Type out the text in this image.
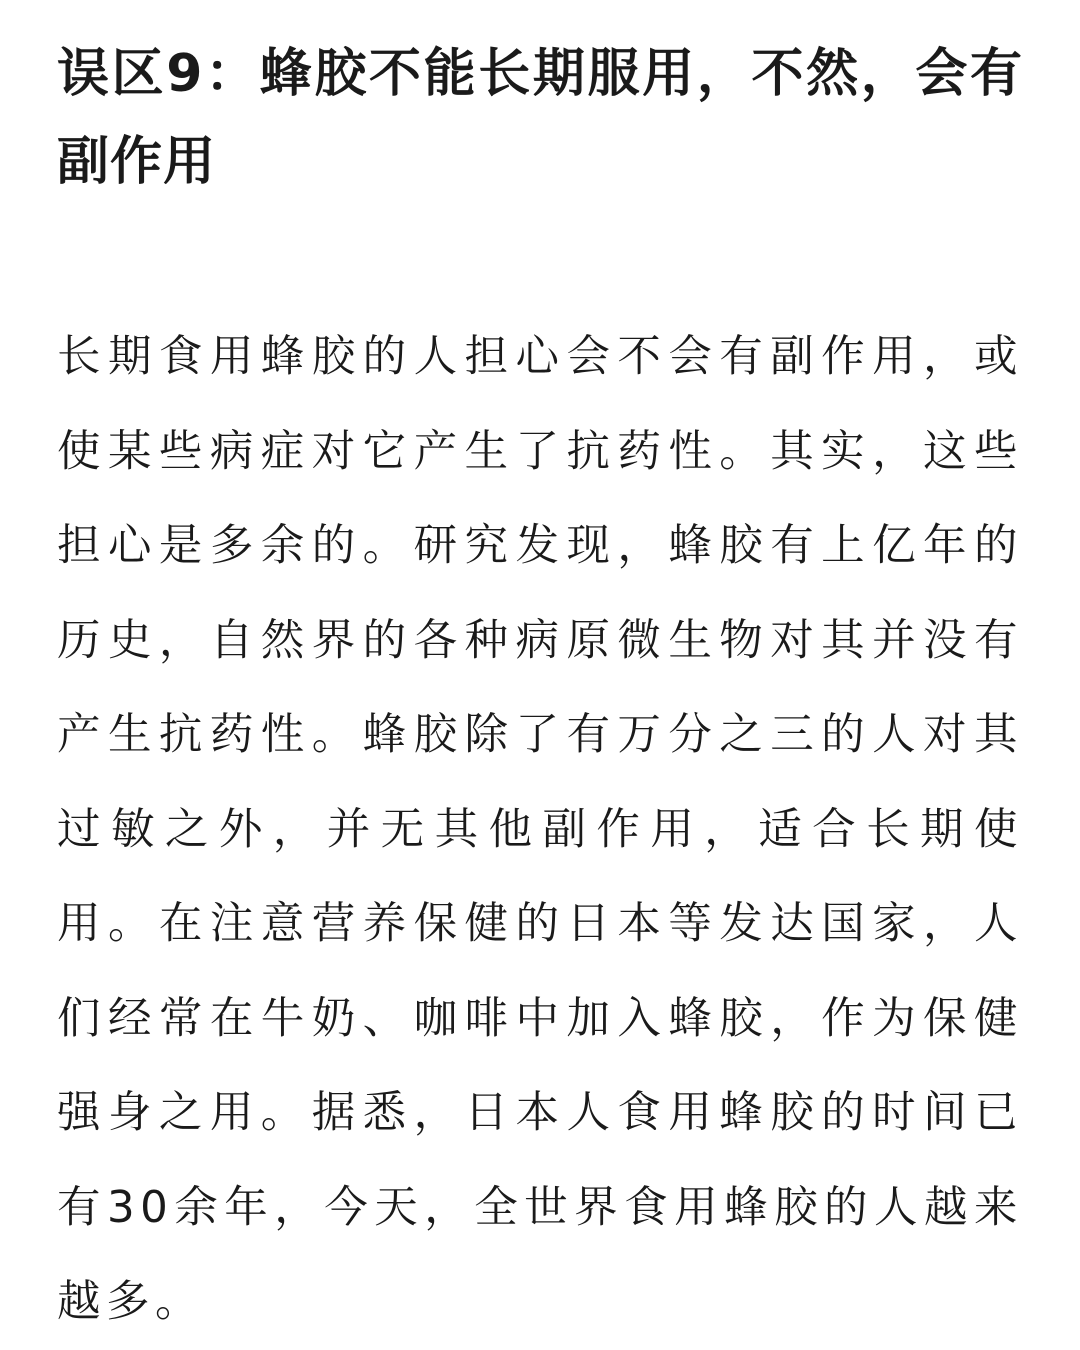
误区9：蜂胶不能长期服用，不然，会有副作用

长期食用蜂胶的人担心会不会有副作用，或使某些病症对它产生了抗药性。其实，这些担心是多余的。研究发现，蜂胶有上亿年的历史，自然界的各种病原微生物对其并没有产生抗药性。蜂胶除了有万分之三的人对其过敏之外，并无其他副作用，适合长期使用。在注意营养保健的日本等发达国家，人们经常在牛奶、咖啡中加入蜂胶，作为保健强身之用。据悉，日本人食用蜂胶的时间已有30余年，今天，全世界食用蜂胶的人越来越多。
